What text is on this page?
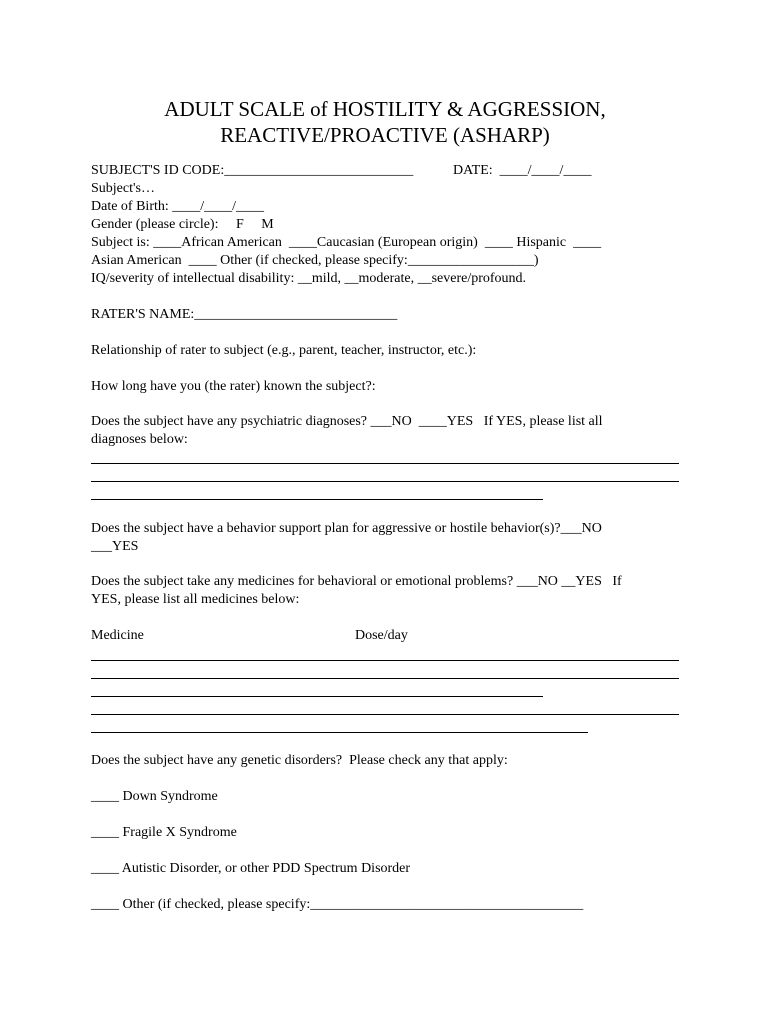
ADULT SCALE of HOSTILITY & AGGRESSION,
REACTIVE/PROACTIVE (ASHARP)
SUBJECT'S ID CODE:___________________________	DATE:  ____/____/____
Subject's…
Date of Birth: ____/____/____
Gender (please circle):     F     M
Subject is: ____African American  ____Caucasian (European origin)  ____ Hispanic  ____
Asian American  ____ Other (if checked, please specify:__________________)
IQ/severity of intellectual disability: __mild, __moderate, __severe/profound.
RATER'S NAME:_____________________________
Relationship of rater to subject (e.g., parent, teacher, instructor, etc.):
How long have you (the rater) known the subject?:
Does the subject have any psychiatric diagnoses? ___NO  ____YES   If YES, please list all
diagnoses below:
Does the subject have a behavior support plan for aggressive or hostile behavior(s)?___NO
___YES
Does the subject take any medicines for behavioral or emotional problems? ___NO __YES   If
YES, please list all medicines below:
Medicine	Dose/day
Does the subject have any genetic disorders?  Please check any that apply:
____ Down Syndrome
____ Fragile X Syndrome
____ Autistic Disorder, or other PDD Spectrum Disorder
____ Other (if checked, please specify:_______________________________________
